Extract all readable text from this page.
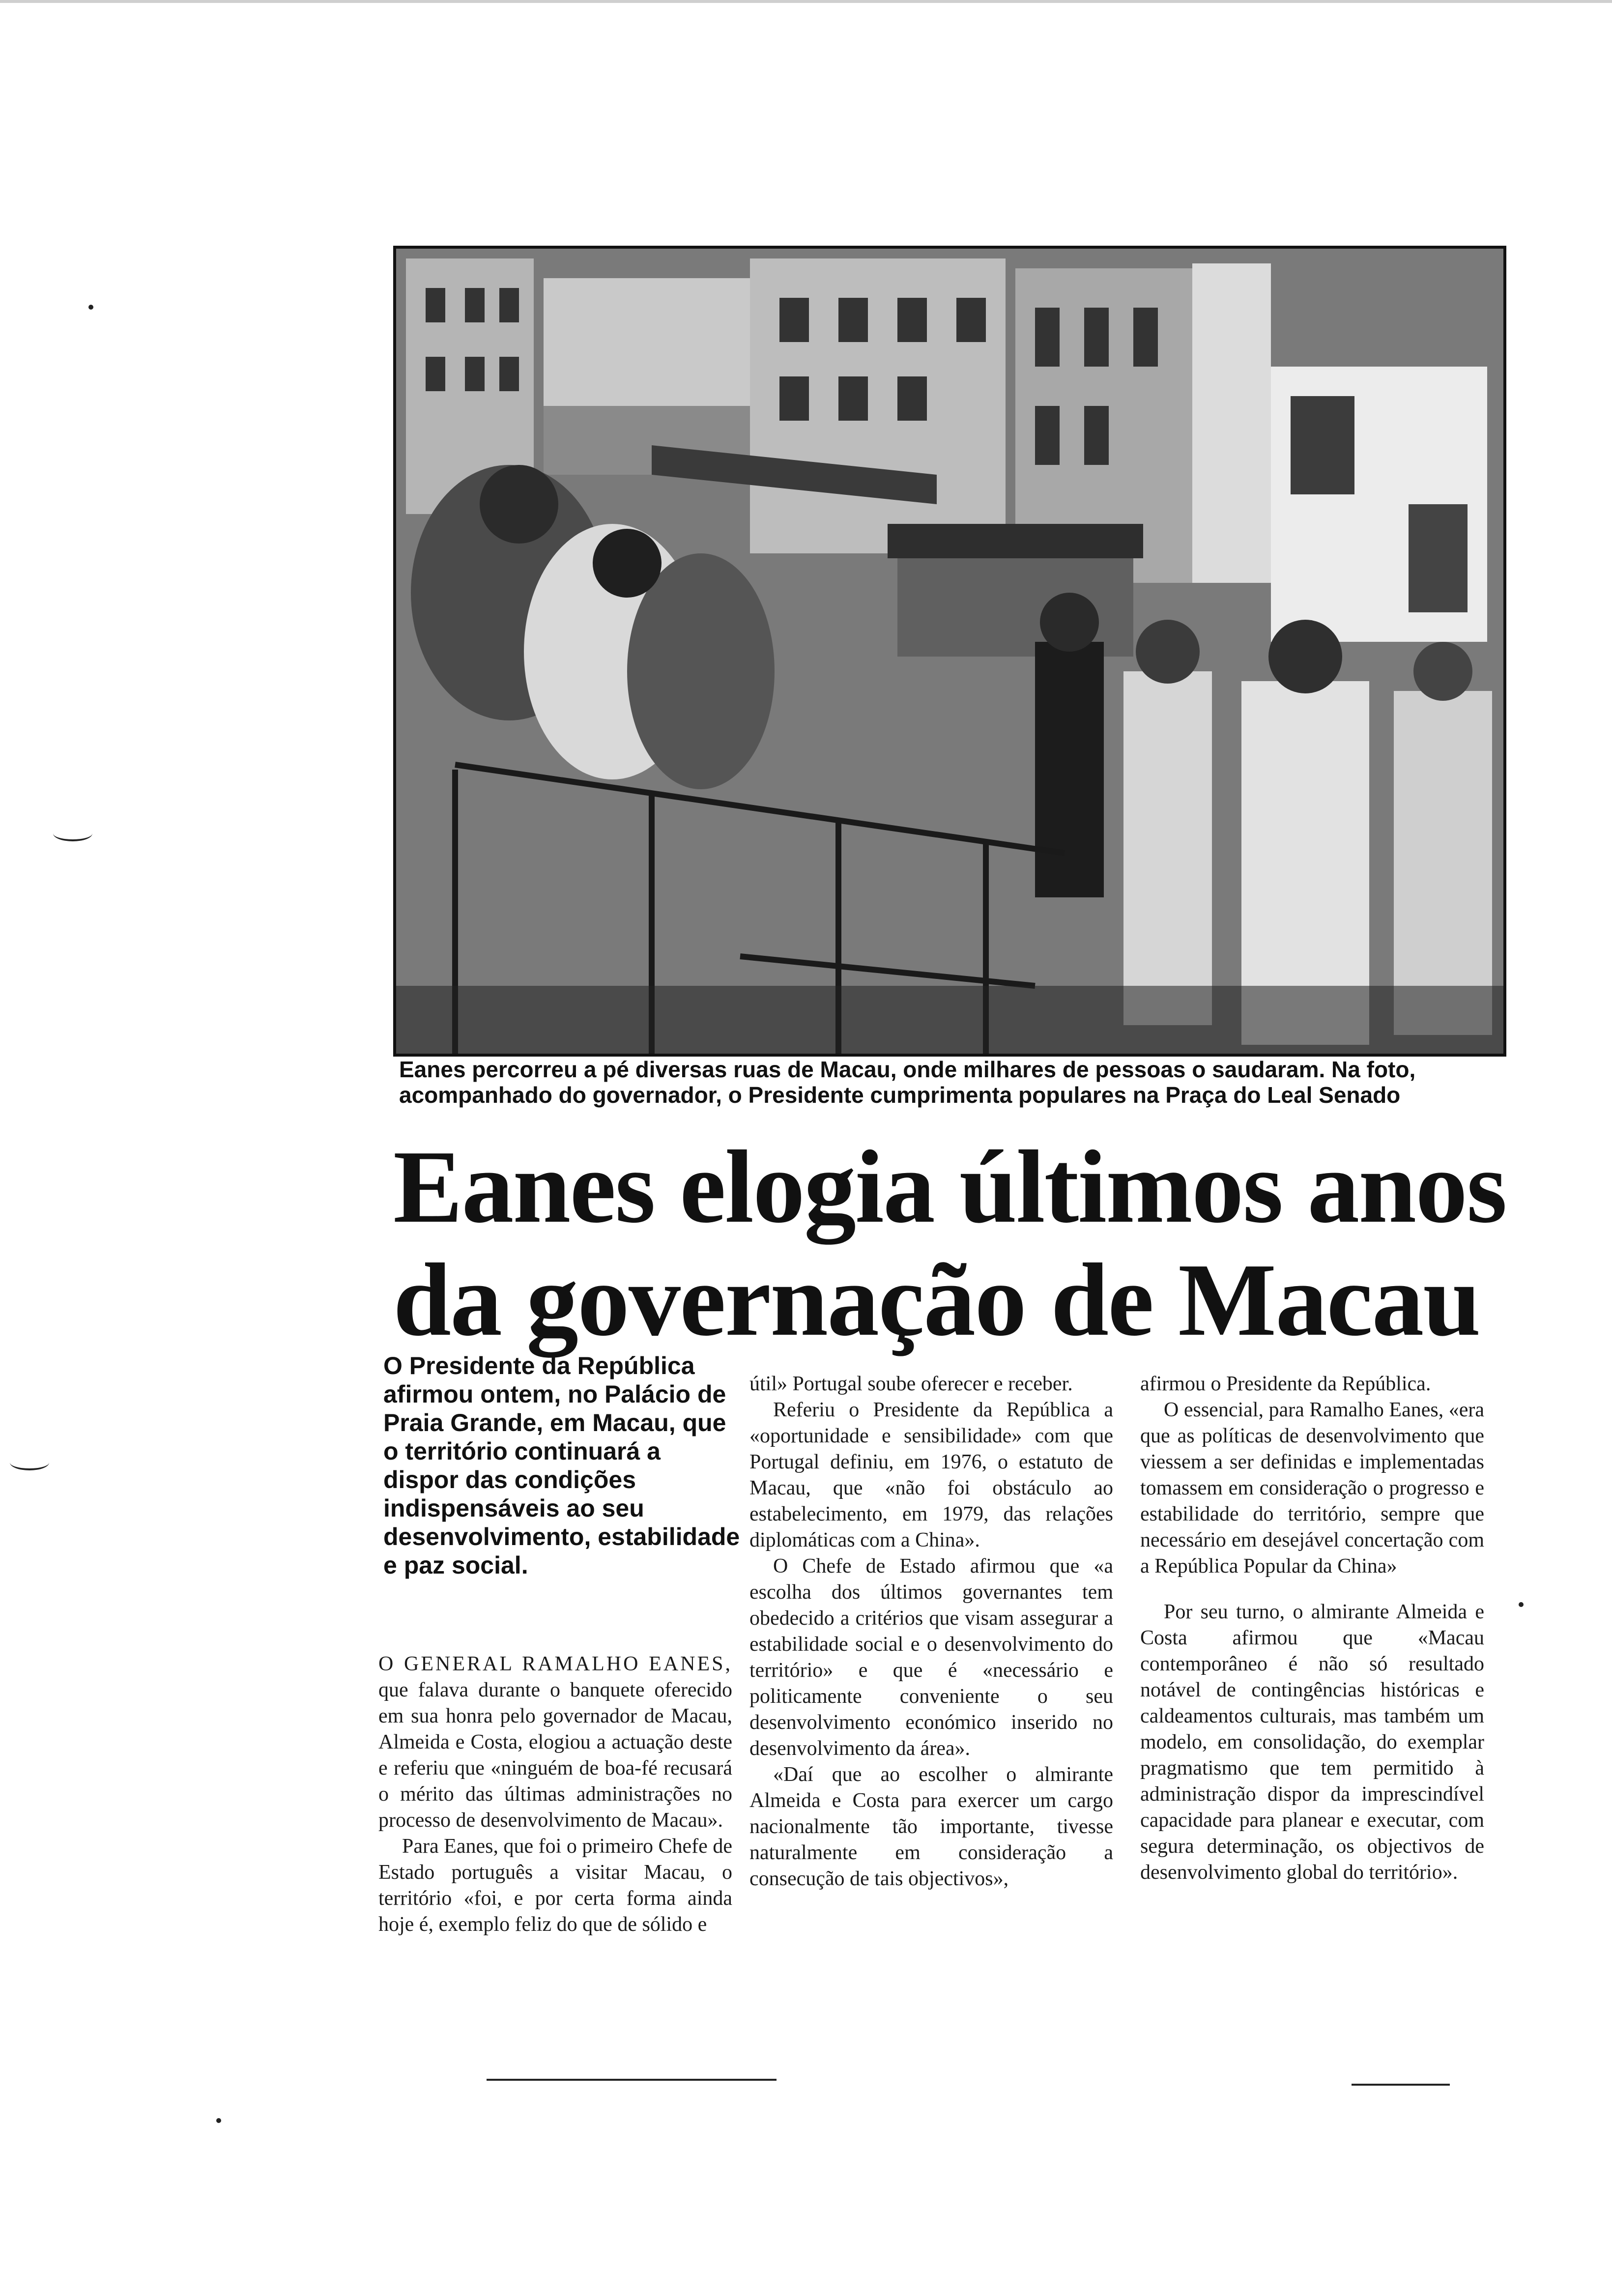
Eanes percorreu a pé diversas ruas de Macau, onde milhares de pessoas o saudaram. Na foto,
acompanhado do governador, o Presidente cumprimenta populares na Praça do Leal Senado
Eanes elogia últimos anos
da governação de Macau
O Presidente da República afirmou ontem, no Palácio de Praia Grande, em Macau, que o território continuará a dispor das condições indispensáveis ao seu desenvolvimento, estabilidade e paz social.

O GENERAL RAMALHO EANES, que falava durante o banquete oferecido em sua honra pelo governador de Macau, Almeida e Costa, elogiou a actuação deste e referiu que «ninguém de boa-fé recusará o mérito das últimas administrações no processo de desenvolvimento de Macau».

Para Eanes, que foi o primeiro Chefe de Estado português a visitar Macau, o território «foi, e por certa forma ainda hoje é, exemplo feliz do que de sólido e

útil» Portugal soube oferecer e receber.

Referiu o Presidente da República a «oportunidade e sensibilidade» com que Portugal definiu, em 1976, o estatuto de Macau, que «não foi obstáculo ao estabelecimento, em 1979, das relações diplomáticas com a China».

O Chefe de Estado afirmou que «a escolha dos últimos governantes tem obedecido a critérios que visam assegurar a estabilidade social e o desenvolvimento do território» e que é «necessário e politicamente conveniente o seu desenvolvimento económico inserido no desenvolvimento da área».

«Daí que ao escolher o almirante Almeida e Costa para exercer um cargo nacionalmente tão importante, tivesse naturalmente em consideração a consecução de tais objectivos»,

afirmou o Presidente da República.

O essencial, para Ramalho Eanes, «era que as políticas de desenvolvimento que viessem a ser definidas e implementadas tomassem em consideração o progresso e estabilidade do território, sempre que necessário em desejável concertação com a República Popular da China»

Por seu turno, o almirante Almeida e Costa afirmou que «Macau contemporâneo é não só resultado notável de contingências históricas e caldeamentos culturais, mas também um modelo, em consolidação, do exemplar pragmatismo que tem permitido à administração dispor da imprescindível capacidade para planear e executar, com segura determinação, os objectivos de desenvolvimento global do território».
